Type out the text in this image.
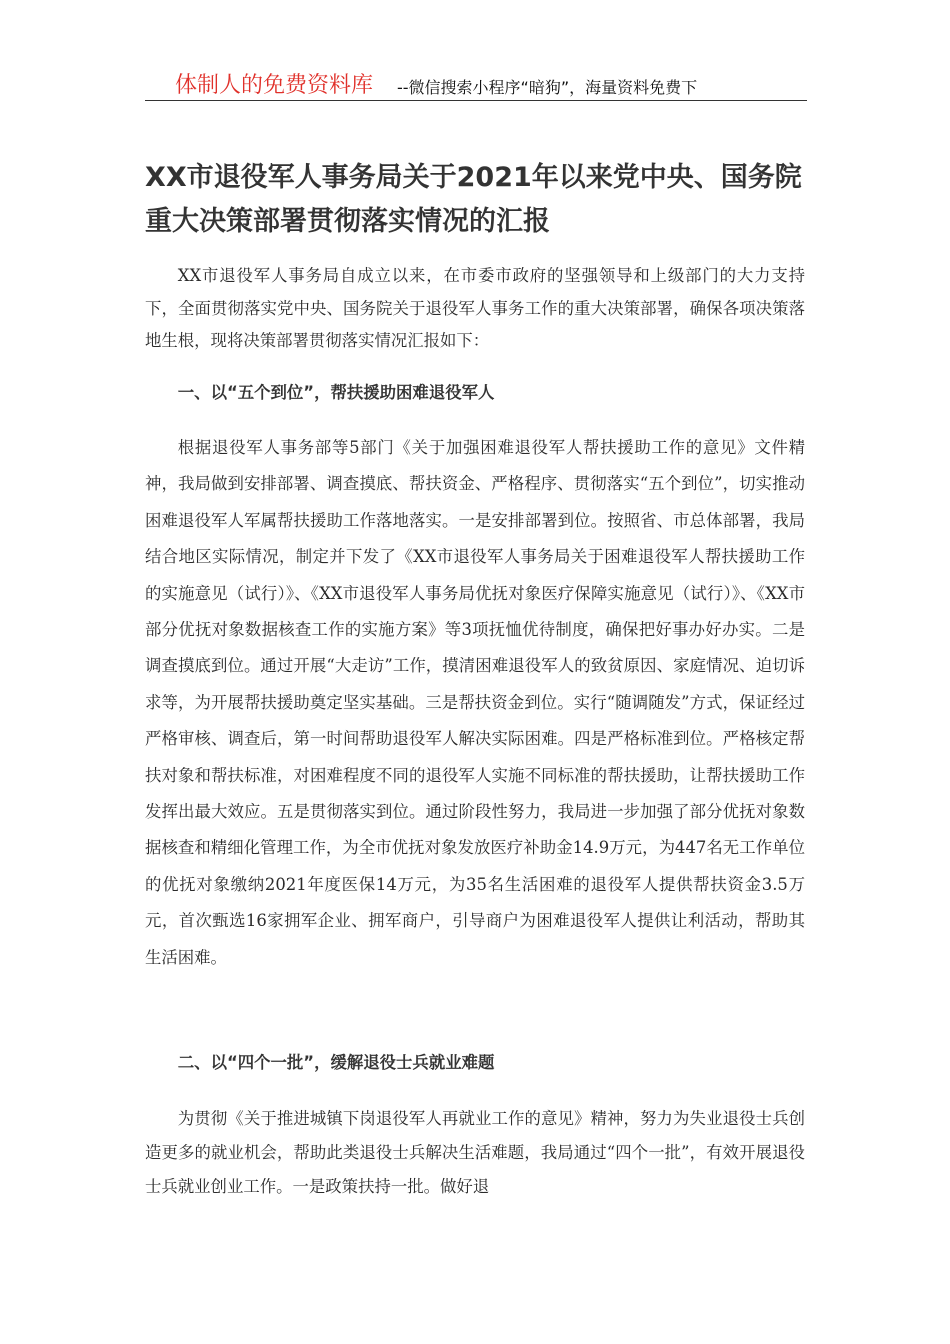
体制人的免费资料库 --微信搜索小程序“暗狗”，海量资料免费下
XX市退役军人事务局关于2021年以来党中央、国务院重大决策部署贯彻落实情况的汇报

XX市退役军人事务局自成立以来，在市委市政府的坚强领导和上级部门的大力支持下，全面贯彻落实党中央、国务院关于退役军人事务工作的重大决策部署，确保各项决策落地生根，现将决策部署贯彻落实情况汇报如下：

一、以“五个到位”，帮扶援助困难退役军人

根据退役军人事务部等5部门《关于加强困难退役军人帮扶援助工作的意见》文件精神，我局做到安排部署、调查摸底、帮扶资金、严格程序、贯彻落实“五个到位”，切实推动困难退役军人军属帮扶援助工作落地落实。一是安排部署到位。按照省、市总体部署，我局结合地区实际情况，制定并下发了《XX市退役军人事务局关于困难退役军人帮扶援助工作的实施意见（试行）》、《XX市退役军人事务局优抚对象医疗保障实施意见（试行）》、《XX市部分优抚对象数据核查工作的实施方案》等3项抚恤优待制度，确保把好事办好办实。二是调查摸底到位。通过开展“大走访”工作，摸清困难退役军人的致贫原因、家庭情况、迫切诉求等，为开展帮扶援助奠定坚实基础。三是帮扶资金到位。实行“随调随发”方式，保证经过严格审核、调查后，第一时间帮助退役军人解决实际困难。四是严格标准到位。严格核定帮扶对象和帮扶标准，对困难程度不同的退役军人实施不同标准的帮扶援助，让帮扶援助工作发挥出最大效应。五是贯彻落实到位。通过阶段性努力，我局进一步加强了部分优抚对象数据核查和精细化管理工作，为全市优抚对象发放医疗补助金14.9万元，为447名无工作单位的优抚对象缴纳2021年度医保14万元，为35名生活困难的退役军人提供帮扶资金3.5万元，首次甄选16家拥军企业、拥军商户，引导商户为困难退役军人提供让利活动，帮助其生活困难。

二、以“四个一批”，缓解退役士兵就业难题

为贯彻《关于推进城镇下岗退役军人再就业工作的意见》精神，努力为失业退役士兵创造更多的就业机会，帮助此类退役士兵解决生活难题，我局通过“四个一批”，有效开展退役士兵就业创业工作。一是政策扶持一批。做好退
